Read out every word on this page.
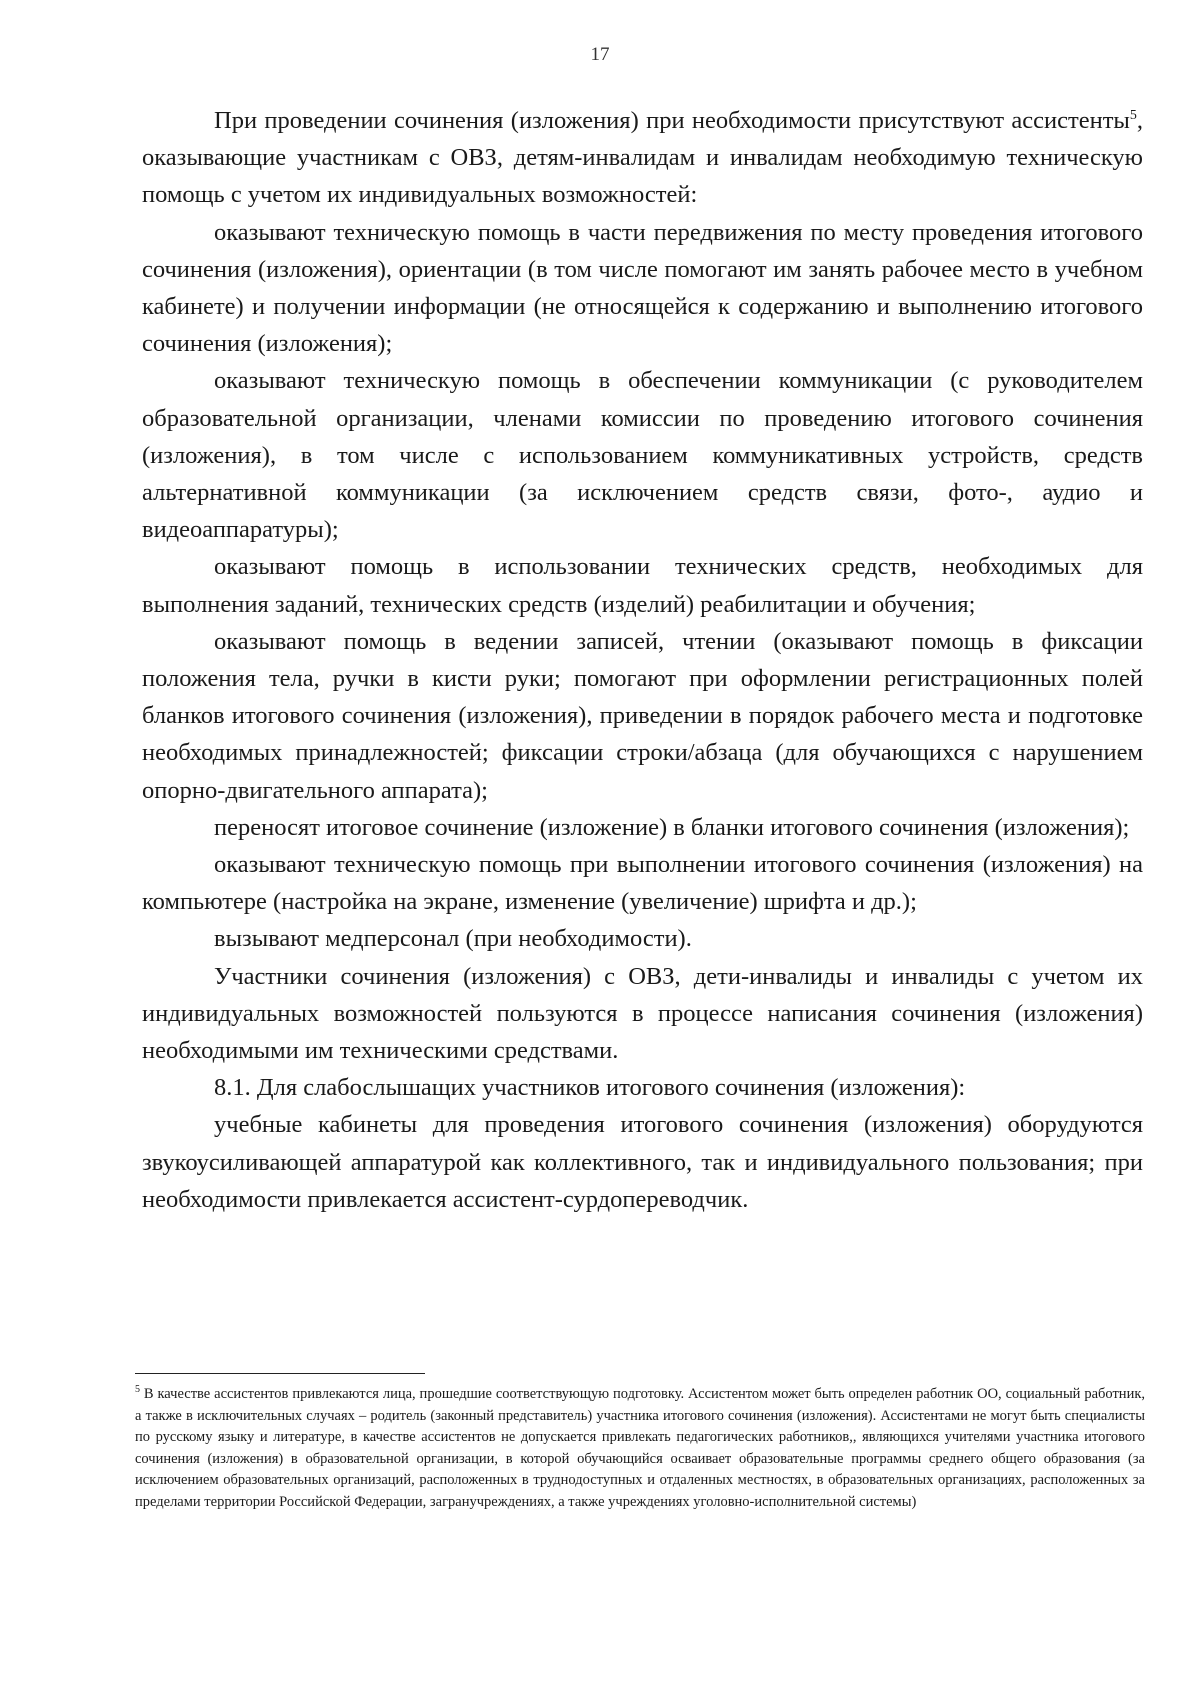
17

При проведении сочинения (изложения) при необходимости присутствуют ассистенты$^5$, оказывающие участникам с ОВЗ, детям-инвалидам и инвалидам необходимую техническую помощь с учетом их индивидуальных возможностей:

оказывают техническую помощь в части передвижения по месту проведения итогового сочинения (изложения), ориентации (в том числе помогают им занять рабочее место в учебном кабинете) и получении информации (не относящейся к содержанию и выполнению итогового сочинения (изложения);

оказывают техническую помощь в обеспечении коммуникации (с руководителем образовательной организации, членами комиссии по проведению итогового сочинения (изложения), в том числе с использованием коммуникативных устройств, средств альтернативной коммуникации (за исключением средств связи, фото-, аудио и видеоаппаратуры);

оказывают помощь в использовании технических средств, необходимых для выполнения заданий, технических средств (изделий) реабилитации и обучения;

оказывают помощь в ведении записей, чтении (оказывают помощь в фиксации положения тела, ручки в кисти руки; помогают при оформлении регистрационных полей бланков итогового сочинения (изложения), приведении в порядок рабочего места и подготовке необходимых принадлежностей; фиксации строки/абзаца (для обучающихся с нарушением опорно-двигательного аппарата);

переносят итоговое сочинение (изложение) в бланки итогового сочинения (изложения);

оказывают техническую помощь при выполнении итогового сочинения (изложения) на компьютере (настройка на экране, изменение (увеличение) шрифта и др.);

вызывают медперсонал (при необходимости).

Участники сочинения (изложения) с ОВЗ, дети-инвалиды и инвалиды с учетом их индивидуальных возможностей пользуются в процессе написания сочинения (изложения) необходимыми им техническими средствами.

8.1. Для слабослышащих участников итогового сочинения (изложения):

учебные кабинеты для проведения итогового сочинения (изложения) оборудуются звукоусиливающей аппаратурой как коллективного, так и индивидуального пользования; при необходимости привлекается ассистент-сурдопереводчик.

$^5$ В качестве ассистентов привлекаются лица, прошедшие соответствующую подготовку. Ассистентом может быть определен работник ОО, социальный работник, а также в исключительных случаях – родитель (законный представитель) участника итогового сочинения (изложения). Ассистентами не могут быть специалисты по русскому языку и литературе, в качестве ассистентов не допускается привлекать педагогических работников,, являющихся учителями участника итогового сочинения (изложения) в образовательной организации, в которой обучающийся осваивает образовательные программы среднего общего образования (за исключением образовательных организаций, расположенных в труднодоступных и отдаленных местностях, в образовательных организациях, расположенных за пределами территории Российской Федерации, загранучреждениях, а также учреждениях уголовно-исполнительной системы)
